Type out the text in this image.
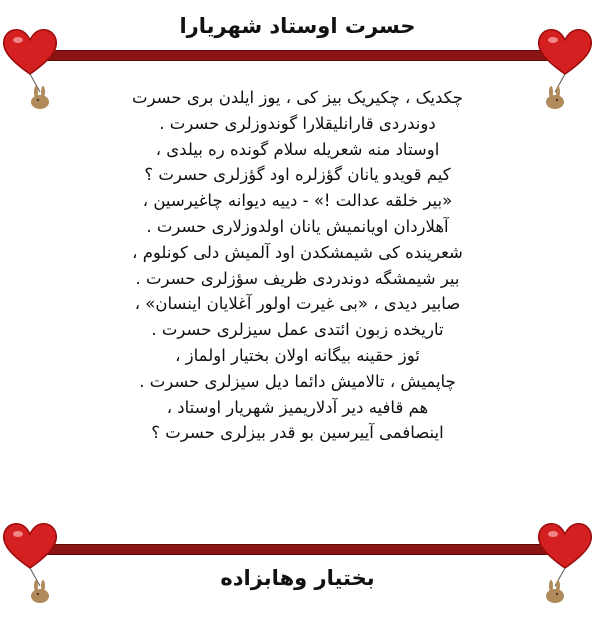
حسرت اوستاد شهریارا
چکدیک ، چکیریک بیز کی ، یوز ایلدن بری حسرت
دوندردی قارانلیقلارا گوندوزلری حسرت .
اوستاد منه شعریله سلام گونده ره بیلدی ،
کیم قویدو یانان گؤزلره اود گؤزلری حسرت ؟
«بیر خلقه عدالت !» - دییه دیوانه چاغیرسین ،
آهلاردان اویانمیش یانان اولدوزلاری حسرت .
شعرینده کی شیمشکدن اود آلمیش دلی کونلوم ،
بیر شیمشگه دوندردی ظریف سؤزلری حسرت .
صابیر دیدی ، «بی غیرت اولور آغلایان اینسان» ،
تاریخده زبون ائتدی عمل سیزلری حسرت .
ئوز حقینه بیگانه اولان بختیار اولماز ،
چاپمیش ، تالامیش دائما دیل سیزلری حسرت .
هم قافیه دیر آدلاریمیز شهریار اوستاد ،
اینصافمی آییرسین بو قدر بیزلری حسرت ؟
بختیار وهابزاده
